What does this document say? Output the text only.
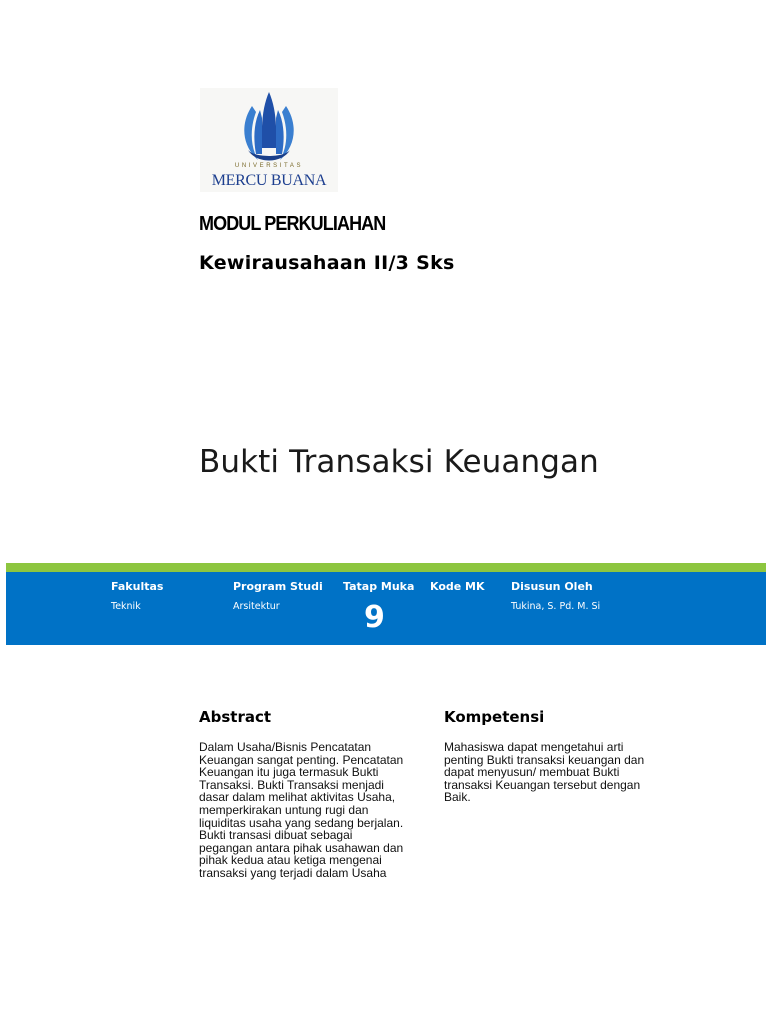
UNIVERSITAS
MERCU BUANA
MODUL PERKULIAHAN
Kewirausahaan II/3 Sks
Bukti Transaksi Keuangan
Fakultas
Teknik
Program Studi
Arsitektur
Tatap Muka
9
Kode MK Disusun Oleh
Tukina, S. Pd. M. Si
Abstract
Dalam Usaha/Bisnis Pencatatan
Keuangan sangat penting. Pencatatan
Keuangan itu juga termasuk Bukti
Transaksi. Bukti Transaksi menjadi
dasar dalam melihat aktivitas Usaha,
memperkirakan untung rugi dan
liquiditas usaha yang sedang berjalan.
Bukti transasi dibuat sebagai
pegangan antara pihak usahawan dan
pihak kedua atau ketiga mengenai
transaksi yang terjadi dalam Usaha
Kompetensi
Mahasiswa dapat mengetahui arti
penting Bukti transaksi keuangan dan
dapat menyusun/ membuat Bukti
transaksi Keuangan tersebut dengan
Baik.
